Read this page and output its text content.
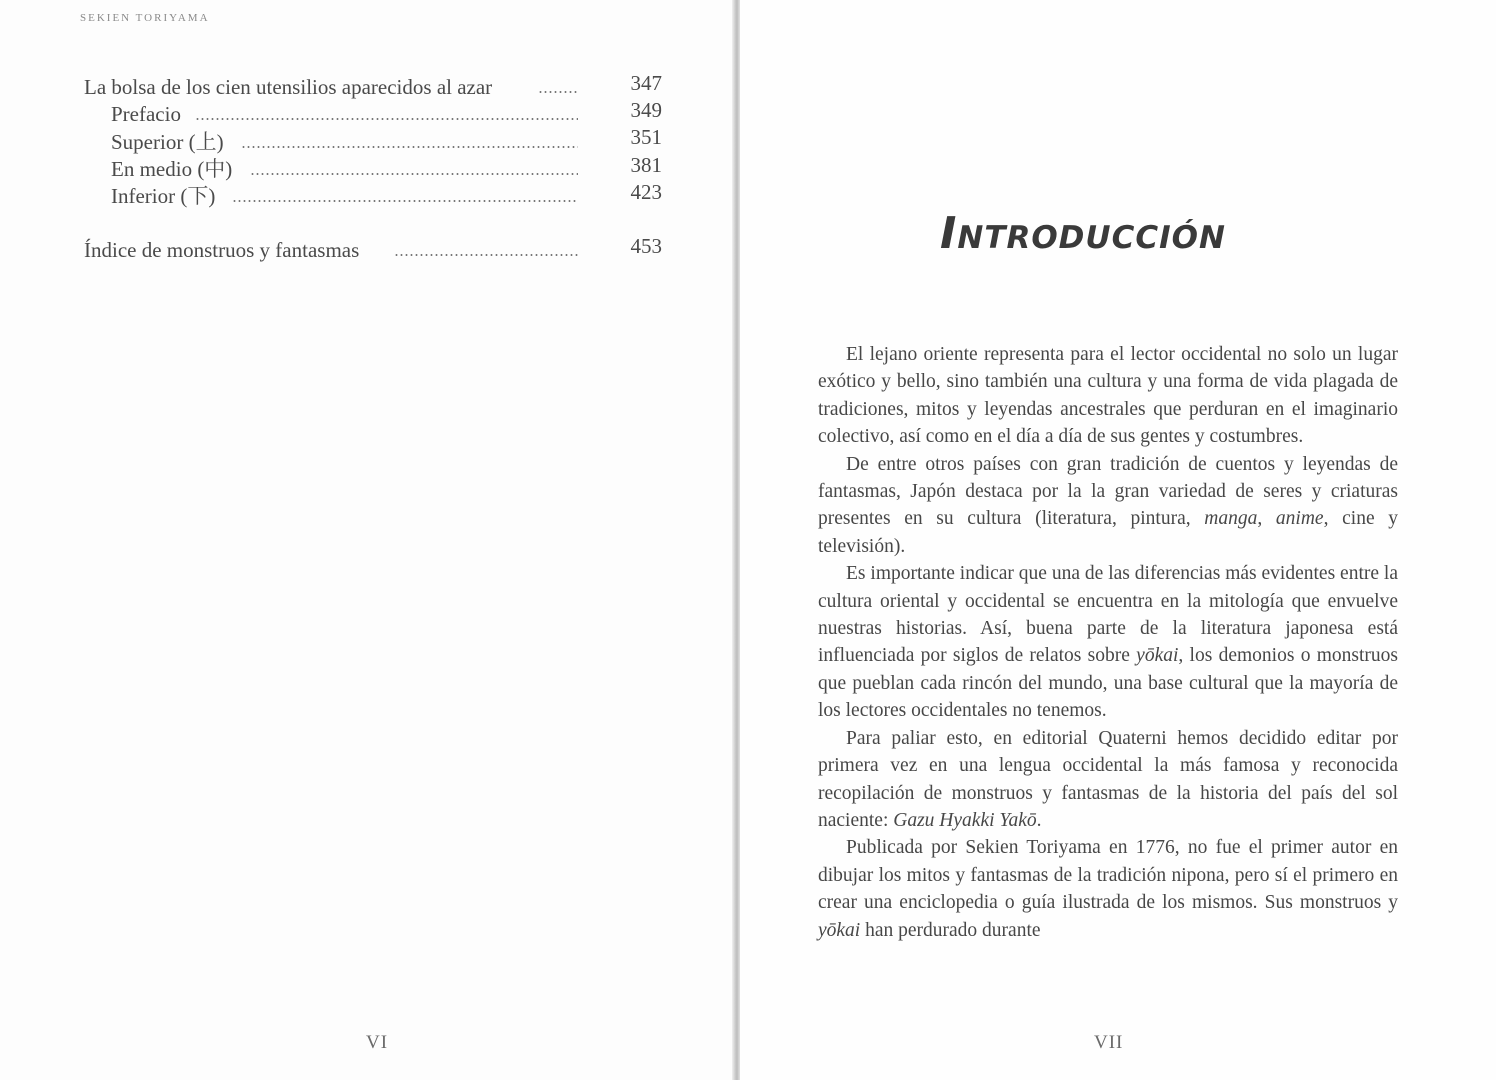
SEKIEN TORIYAMA
La bolsa de los cien utensilios aparecidos al azar	347
Prefacio	349
Superior (上)	351
En medio (中)	381
Inferior (下)	423
Índice de monstruos y fantasmas	453
VI
Introducción

El lejano oriente representa para el lector occidental no solo un lugar exótico y bello, sino también una cultura y una forma de vida plagada de tradiciones, mitos y leyendas ancestrales que perduran en el imaginario colectivo, así como en el día a día de sus gentes y costumbres.

De entre otros países con gran tradición de cuentos y leyendas de fantasmas, Japón destaca por la la gran variedad de seres y criaturas presentes en su cultura (literatura, pintura, manga, anime, cine y televisión).

Es importante indicar que una de las diferencias más evidentes entre la cultura oriental y occidental se encuentra en la mitología que envuelve nuestras historias. Así, buena parte de la literatura japonesa está influenciada por siglos de relatos sobre yōkai, los demonios o monstruos que pueblan cada rincón del mundo, una base cultural que la mayoría de los lectores occidentales no tenemos.

Para paliar esto, en editorial Quaterni hemos decidido editar por primera vez en una lengua occidental la más famosa y reconocida recopilación de monstruos y fantasmas de la historia del país del sol naciente: Gazu Hyakki Yakō.

Publicada por Sekien Toriyama en 1776, no fue el primer autor en dibujar los mitos y fantasmas de la tradición nipona, pero sí el primero en crear una enciclopedia o guía ilustrada de los mismos. Sus monstruos y yōkai han perdurado durante

VII
